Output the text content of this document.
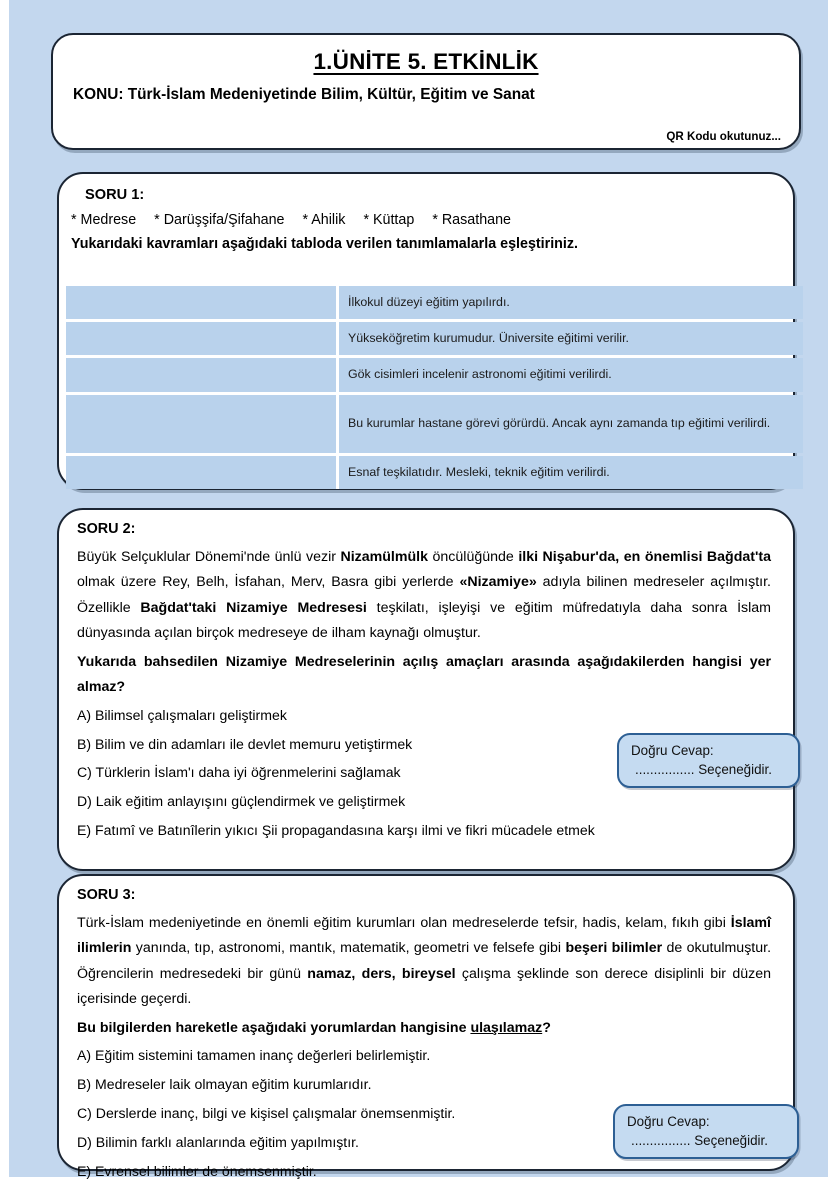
1.ÜNİTE 5. ETKİNLİK
KONU: Türk-İslam Medeniyetinde Bilim, Kültür, Eğitim ve Sanat
QR Kodu okutunuz...
SORU 1:
* Medrese * Darüşşifa/Şifahane * Ahilik * Küttap * Rasathane
Yukarıdaki kavramları aşağıdaki tabloda verilen tanımlamalarla eşleştiriniz.
	İlkokul düzeyi eğitim yapılırdı.
	Yükseköğretim kurumudur. Üniversite eğitimi verilir.
	Gök cisimleri incelenir astronomi eğitimi verilirdi.
	Bu kurumlar hastane görevi görürdü. Ancak aynı zamanda tıp eğitimi verilirdi.
	Esnaf teşkilatıdır. Mesleki, teknik eğitim verilirdi.
SORU 2:
Büyük Selçuklular Dönemi'nde ünlü vezir Nizamülmülk öncülüğünde ilki Nişabur'da, en önemlisi Bağdat'ta olmak üzere Rey, Belh, İsfahan, Merv, Basra gibi yerlerde «Nizamiye» adıyla bilinen medreseler açılmıştır. Özellikle Bağdat'taki Nizamiye Medresesi teşkilatı, işleyişi ve eğitim müfredatıyla daha sonra İslam dünyasında açılan birçok medreseye de ilham kaynağı olmuştur.
Yukarıda bahsedilen Nizamiye Medreselerinin açılış amaçları arasında aşağıdakilerden hangisi yer almaz?
A) Bilimsel çalışmaları geliştirmek
B) Bilim ve din adamları ile devlet memuru yetiştirmek
C) Türklerin İslam'ı daha iyi öğrenmelerini sağlamak
D) Laik eğitim anlayışını güçlendirmek ve geliştirmek
E) Fatımî ve Batınîlerin yıkıcı Şii propagandasına karşı ilmi ve fikri mücadele etmek
Doğru Cevap:
................ Seçeneğidir.
SORU 3:
Türk-İslam medeniyetinde en önemli eğitim kurumları olan medreselerde tefsir, hadis, kelam, fıkıh gibi İslamî ilimlerin yanında, tıp, astronomi, mantık, matematik, geometri ve felsefe gibi beşeri bilimler de okutulmuştur. Öğrencilerin medresedeki bir günü namaz, ders, bireysel çalışma şeklinde son derece disiplinli bir düzen içerisinde geçerdi.
Bu bilgilerden hareketle aşağıdaki yorumlardan hangisine ulaşılamaz?
A) Eğitim sistemini tamamen inanç değerleri belirlemiştir.
B) Medreseler laik olmayan eğitim kurumlarıdır.
C) Derslerde inanç, bilgi ve kişisel çalışmalar önemsenmiştir.
D) Bilimin farklı alanlarında eğitim yapılmıştır.
E) Evrensel bilimler de önemsenmiştir.
Doğru Cevap:
................ Seçeneğidir.
